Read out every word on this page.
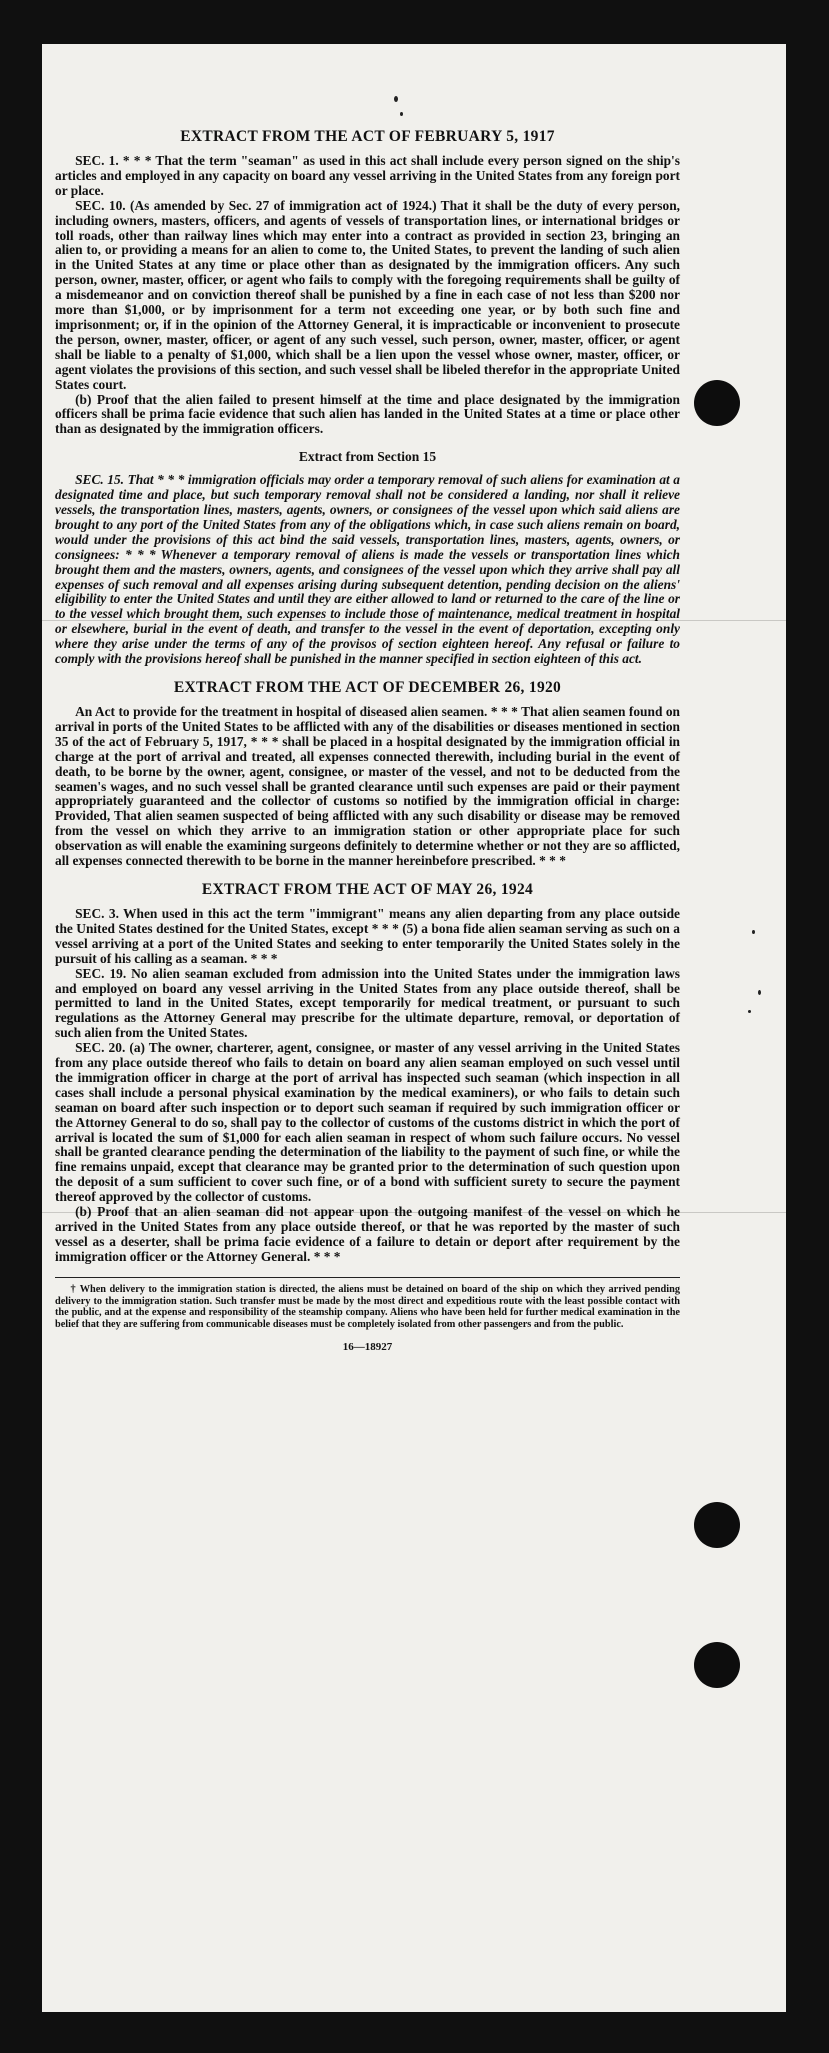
EXTRACT FROM THE ACT OF FEBRUARY 5, 1917

SEC. 1. * * * That the term "seaman" as used in this act shall include every person signed on the ship's articles and employed in any capacity on board any vessel arriving in the United States from any foreign port or place.

SEC. 10. (As amended by Sec. 27 of immigration act of 1924.) That it shall be the duty of every person, including owners, masters, officers, and agents of vessels of transportation lines, or international bridges or toll roads, other than railway lines which may enter into a contract as provided in section 23, bringing an alien to, or providing a means for an alien to come to, the United States, to prevent the landing of such alien in the United States at any time or place other than as designated by the immigration officers. Any such person, owner, master, officer, or agent who fails to comply with the foregoing requirements shall be guilty of a misdemeanor and on conviction thereof shall be punished by a fine in each case of not less than $200 nor more than $1,000, or by imprisonment for a term not exceeding one year, or by both such fine and imprisonment; or, if in the opinion of the Attorney General, it is impracticable or inconvenient to prosecute the person, owner, master, officer, or agent of any such vessel, such person, owner, master, officer, or agent shall be liable to a penalty of $1,000, which shall be a lien upon the vessel whose owner, master, officer, or agent violates the provisions of this section, and such vessel shall be libeled therefor in the appropriate United States court.

(b) Proof that the alien failed to present himself at the time and place designated by the immigration officers shall be prima facie evidence that such alien has landed in the United States at a time or place other than as designated by the immigration officers.

Extract from Section 15

SEC. 15. That * * * immigration officials may order a temporary removal of such aliens for examination at a designated time and place, but such temporary removal shall not be considered a landing, nor shall it relieve vessels, the transportation lines, masters, agents, owners, or consignees of the vessel upon which said aliens are brought to any port of the United States from any of the obligations which, in case such aliens remain on board, would under the provisions of this act bind the said vessels, transportation lines, masters, agents, owners, or consignees: * * * Whenever a temporary removal of aliens is made the vessels or transportation lines which brought them and the masters, owners, agents, and consignees of the vessel upon which they arrive shall pay all expenses of such removal and all expenses arising during subsequent detention, pending decision on the aliens' eligibility to enter the United States and until they are either allowed to land or returned to the care of the line or to the vessel which brought them, such expenses to include those of maintenance, medical treatment in hospital or elsewhere, burial in the event of death, and transfer to the vessel in the event of deportation, excepting only where they arise under the terms of any of the provisos of section eighteen hereof. Any refusal or failure to comply with the provisions hereof shall be punished in the manner specified in section eighteen of this act.

EXTRACT FROM THE ACT OF DECEMBER 26, 1920

An Act to provide for the treatment in hospital of diseased alien seamen. * * * That alien seamen found on arrival in ports of the United States to be afflicted with any of the disabilities or diseases mentioned in section 35 of the act of February 5, 1917, * * * shall be placed in a hospital designated by the immigration official in charge at the port of arrival and treated, all expenses connected therewith, including burial in the event of death, to be borne by the owner, agent, consignee, or master of the vessel, and not to be deducted from the seamen's wages, and no such vessel shall be granted clearance until such expenses are paid or their payment appropriately guaranteed and the collector of customs so notified by the immigration official in charge: Provided, That alien seamen suspected of being afflicted with any such disability or disease may be removed from the vessel on which they arrive to an immigration station or other appropriate place for such observation as will enable the examining surgeons definitely to determine whether or not they are so afflicted, all expenses connected therewith to be borne in the manner hereinbefore prescribed. * * *

EXTRACT FROM THE ACT OF MAY 26, 1924

SEC. 3. When used in this act the term "immigrant" means any alien departing from any place outside the United States destined for the United States, except * * * (5) a bona fide alien seaman serving as such on a vessel arriving at a port of the United States and seeking to enter temporarily the United States solely in the pursuit of his calling as a seaman. * * *

SEC. 19. No alien seaman excluded from admission into the United States under the immigration laws and employed on board any vessel arriving in the United States from any place outside thereof, shall be permitted to land in the United States, except temporarily for medical treatment, or pursuant to such regulations as the Attorney General may prescribe for the ultimate departure, removal, or deportation of such alien from the United States.

SEC. 20. (a) The owner, charterer, agent, consignee, or master of any vessel arriving in the United States from any place outside thereof who fails to detain on board any alien seaman employed on such vessel until the immigration officer in charge at the port of arrival has inspected such seaman (which inspection in all cases shall include a personal physical examination by the medical examiners), or who fails to detain such seaman on board after such inspection or to deport such seaman if required by such immigration officer or the Attorney General to do so, shall pay to the collector of customs of the customs district in which the port of arrival is located the sum of $1,000 for each alien seaman in respect of whom such failure occurs. No vessel shall be granted clearance pending the determination of the liability to the payment of such fine, or while the fine remains unpaid, except that clearance may be granted prior to the determination of such question upon the deposit of a sum sufficient to cover such fine, or of a bond with sufficient surety to secure the payment thereof approved by the collector of customs.

(b) Proof that an alien seaman did not appear upon the outgoing manifest of the vessel on which he arrived in the United States from any place outside thereof, or that he was reported by the master of such vessel as a deserter, shall be prima facie evidence of a failure to detain or deport after requirement by the immigration officer or the Attorney General. * * *

† When delivery to the immigration station is directed, the aliens must be detained on board of the ship on which they arrived pending delivery to the immigration station. Such transfer must be made by the most direct and expeditious route with the least possible contact with the public, and at the expense and responsibility of the steamship company. Aliens who have been held for further medical examination in the belief that they are suffering from communicable diseases must be completely isolated from other passengers and from the public.

16—18927
